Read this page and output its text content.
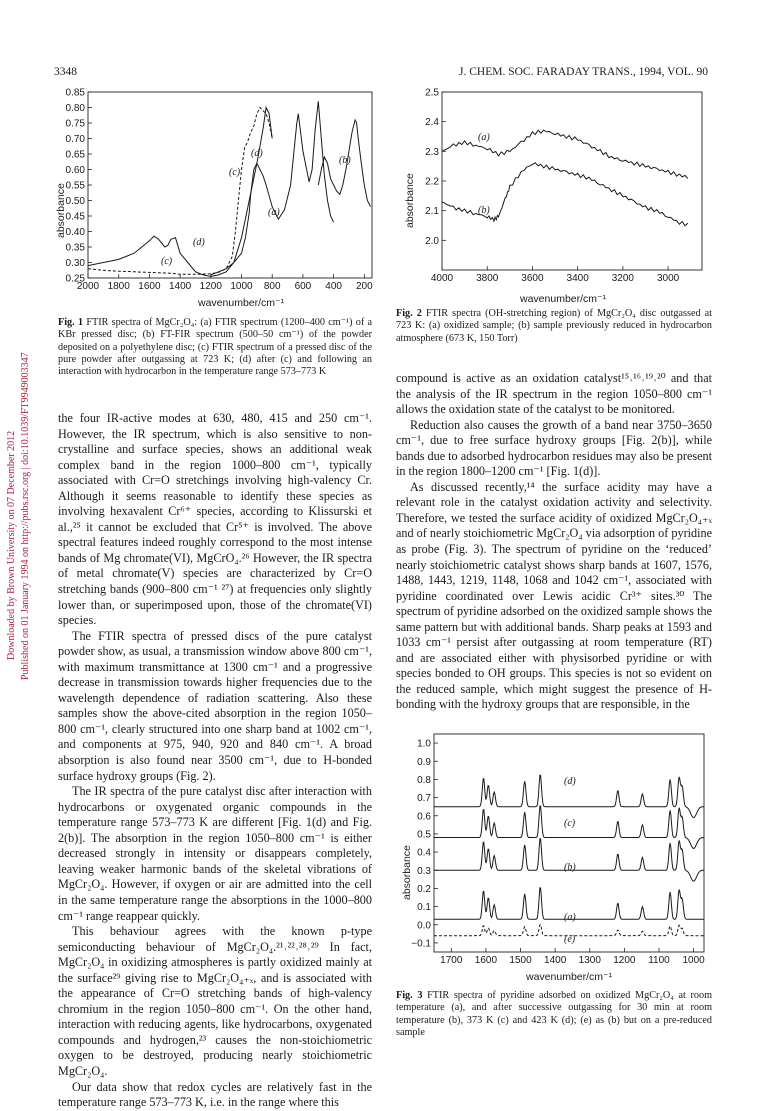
3348	J. CHEM. SOC. FARADAY TRANS., 1994, VOL. 90
Downloaded by Brown University on 07 December 2012 Published on 01 January 1994 on http://pubs.rsc.org | doi:10.1039/FT9949003347
absorbance
wavenumber/cm⁻¹
(a)
(b)
(c)
(d)
(c)
(d)
2000 1800 1600 1400 1200 1000 800 600 400 200
0.25
0.30
0.35
0.40
0.45
0.50
0.55
0.60
0.65
0.70
0.75
0.80
0.85
Fig. 1 FTIR spectra of MgCr₂O₄: (a) FTIR spectrum (1200–400 cm⁻¹) of a KBr pressed disc; (b) FT-FIR spectrum (500–50 cm⁻¹) of the powder deposited on a polyethylene disc; (c) FTIR spectrum of a pressed disc of the pure powder after outgassing at 723 K; (d) after (c) and following an interaction with hydrocarbon in the temperature range 573–773 K
absorbance
wavenumber/cm⁻¹
(a)
(b)
4000 3800 3600 3400 3200 3000
2.0
2.1
2.2
2.3
2.4
2.5
Fig. 2 FTIR spectra (OH-stretching region) of MgCr₂O₄ disc outgassed at 723 K: (a) oxidized sample; (b) sample previously reduced in hydrocarbon atmosphere (673 K, 150 Torr)

the four IR-active modes at 630, 480, 415 and 250 cm⁻¹. However, the IR spectrum, which is also sensitive to non-crystalline and surface species, shows an additional weak complex band in the region 1000–800 cm⁻¹, typically associated with Cr=O stretchings involving high-valency Cr. Although it seems reasonable to identify these species as involving hexavalent Cr⁶⁺ species, according to Klissurski et al.,²⁵ it cannot be excluded that Cr⁵⁺ is involved. The above spectral features indeed roughly correspond to the most intense bands of Mg chromate(VI), MgCrO₄.²⁶ However, the IR spectra of metal chromate(V) species are characterized by Cr=O stretching bands (900–800 cm⁻¹ ²⁷) at frequencies only slightly lower than, or superimposed upon, those of the chromate(VI) species.

The FTIR spectra of pressed discs of the pure catalyst powder show, as usual, a transmission window above 800 cm⁻¹, with maximum transmittance at 1300 cm⁻¹ and a progressive decrease in transmission towards higher frequencies due to the wavelength dependence of radiation scattering. Also these samples show the above-cited absorption in the region 1050–800 cm⁻¹, clearly structured into one sharp band at 1002 cm⁻¹, and components at 975, 940, 920 and 840 cm⁻¹. A broad absorption is also found near 3500 cm⁻¹, due to H-bonded surface hydroxy groups (Fig. 2).

The IR spectra of the pure catalyst disc after interaction with hydrocarbons or oxygenated organic compounds in the temperature range 573–773 K are different [Fig. 1(d) and Fig. 2(b)]. The absorption in the region 1050–800 cm⁻¹ is either decreased strongly in intensity or disappears completely, leaving weaker harmonic bands of the skeletal vibrations of MgCr₂O₄. However, if oxygen or air are admitted into the cell in the same temperature range the absorptions in the 1000–800 cm⁻¹ range reappear quickly.

This behaviour agrees with the known p-type semiconducting behaviour of MgCr₂O₄.²¹˒²²˒²⁸˒²⁹ In fact, MgCr₂O₄ in oxidizing atmospheres is partly oxidized mainly at the surface²⁹ giving rise to MgCr₂O₄₊ₓ, and is associated with the appearance of Cr=O stretching bands of high-valency chromium in the region 1050–800 cm⁻¹. On the other hand, interaction with reducing agents, like hydrocarbons, oxygenated compounds and hydrogen,²³ causes the non-stoichiometric oxygen to be destroyed, producing nearly stoichiometric MgCr₂O₄.

Our data show that redox cycles are relatively fast in the temperature range 573–773 K, i.e. in the range where this

compound is active as an oxidation catalyst¹⁵˒¹⁶˒¹⁹˒²⁰ and that the analysis of the IR spectrum in the region 1050–800 cm⁻¹ allows the oxidation state of the catalyst to be monitored.

Reduction also causes the growth of a band near 3750–3650 cm⁻¹, due to free surface hydroxy groups [Fig. 2(b)], while bands due to adsorbed hydrocarbon residues may also be present in the region 1800–1200 cm⁻¹ [Fig. 1(d)].

As discussed recently,¹⁴ the surface acidity may have a relevant role in the catalyst oxidation activity and selectivity. Therefore, we tested the surface acidity of oxidized MgCr₂O₄₊ₓ and of nearly stoichiometric MgCr₂O₄ via adsorption of pyridine as probe (Fig. 3). The spectrum of pyridine on the ‘reduced’ nearly stoichiometric catalyst shows sharp bands at 1607, 1576, 1488, 1443, 1219, 1148, 1068 and 1042 cm⁻¹, associated with pyridine coordinated over Lewis acidic Cr³⁺ sites.³⁰ The spectrum of pyridine adsorbed on the oxidized sample shows the same pattern but with additional bands. Sharp peaks at 1593 and 1033 cm⁻¹ persist after outgassing at room temperature (RT) and are associated either with physisorbed pyridine or with species bonded to OH groups. This species is not so evident on the reduced sample, which might suggest the presence of H-bonding with the hydroxy groups that are responsible, in the

absorbance
wavenumber/cm⁻¹
(d)
(c)
(b)
(a)
(e)
1700 1600 1500 1400 1300 1200 1100 1000
−0.1
0.0
0.1
0.2
0.3
0.4
0.5
0.6
0.7
0.8
0.9
1.0
Fig. 3 FTIR spectra of pyridine adsorbed on oxidized MgCr₂O₄ at room temperature (a), and after successive outgassing for 30 min at room temperature (b), 373 K (c) and 423 K (d); (e) as (b) but on a pre-reduced sample
